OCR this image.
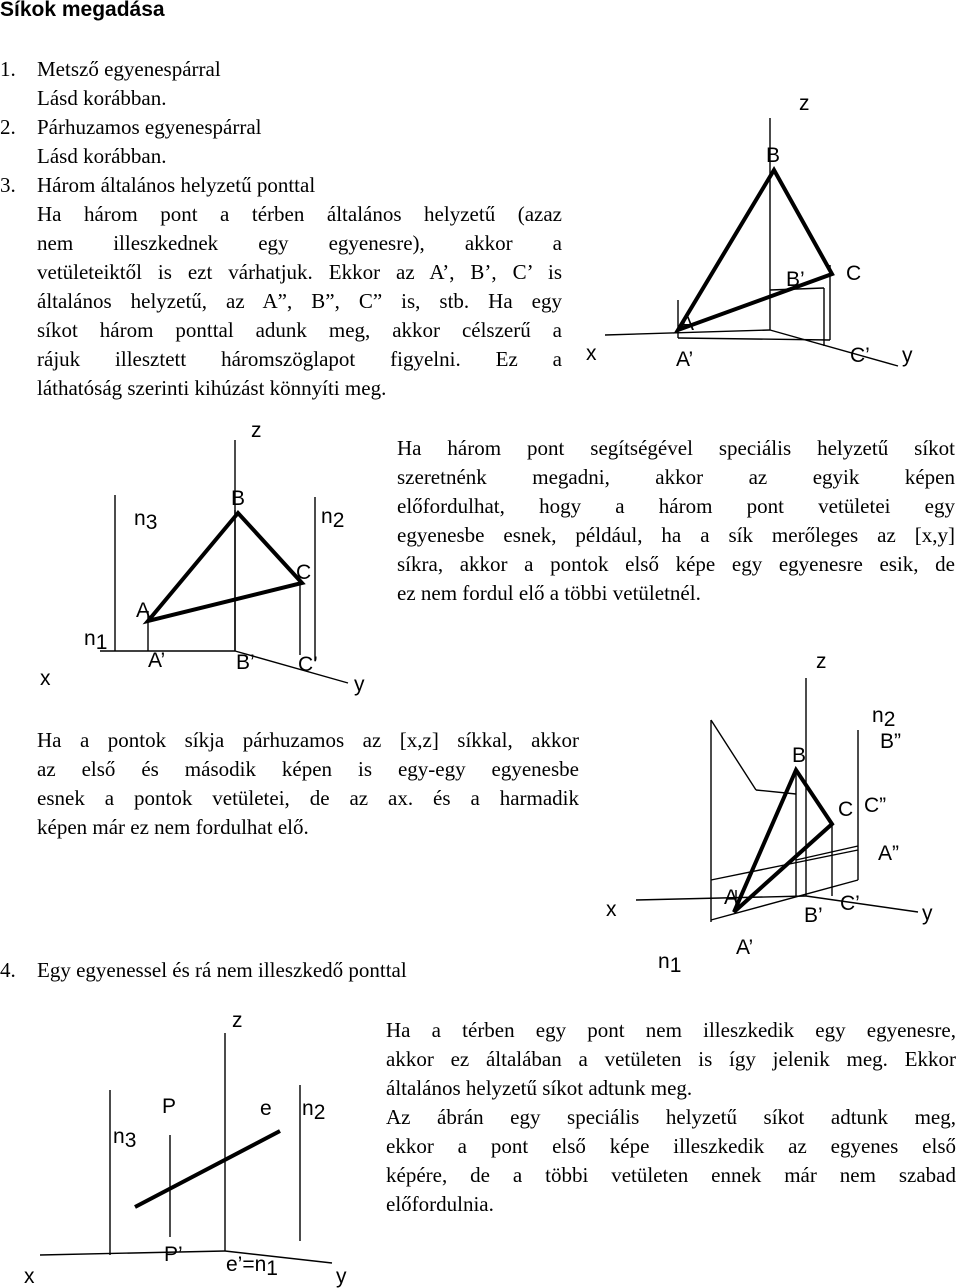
Síkok megadása
1. Metsző egyenespárral
Lásd korábban.
2. Párhuzamos egyenespárral
Lásd korábban.
3. Három általános helyzetű ponttal
Ha három pont a térben általános helyzetű (azaz
nem illeszkednek egy egyenesre), akkor a
vetületeiktől is ezt várhatjuk. Ekkor az A’, B’, C’ is
általános helyzetű, az A”, B”, C” is, stb. Ha egy
síkot három ponttal adunk meg, akkor célszerű a
rájuk illesztett háromszöglapot figyelni. Ez a
láthatóság szerinti kihúzást könnyíti meg.
z
B
B’ C
A
x	A’	C’ y
z
B
n3	n2
C
A
n1
A’	B’ C’
x	y
Ha három pont segítségével speciális helyzetű síkot
szeretnénk megadni, akkor az egyik képen
előfordulhat, hogy a három pont vetületei egy
egyenesbe esnek, például, ha a sík merőleges az [x,y]
síkra, akkor a pontok első képe egy egyenesre esik, de
ez nem fordul elő a többi vetületnél.
Ha a pontok síkja párhuzamos az [x,z] síkkal, akkor
az első és második képen is egy-egy egyenesbe
esnek a pontok vetületei, de az ax. és a harmadik
képen már ez nem fordulhat elő.
z
n2
B”
B
C C”
A”
A
x	B’
C’	y
A’
n1
4. Egy egyenessel és rá nem illeszkedő ponttal
z
n3
P	e n2
P’ e’=n1
x	y
Ha a térben egy pont nem illeszkedik egy egyenesre,
akkor ez általában a vetületen is így jelenik meg. Ekkor
általános helyzetű síkot adtunk meg.
Az ábrán egy speciális helyzetű síkot adtunk meg,
ekkor a pont első képe illeszkedik az egyenes első
képére, de a többi vetületen ennek már nem szabad
előfordulnia.
